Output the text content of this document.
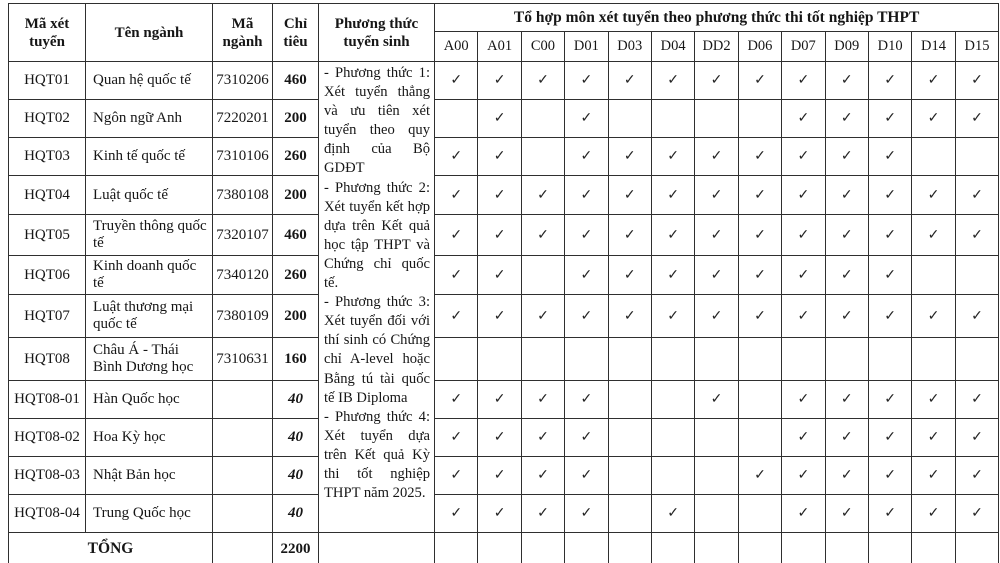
Mã xét tuyển	Tên ngành	Mã ngành	Chỉ tiêu	Phương thức tuyển sinh	Tổ hợp môn xét tuyển theo phương thức thi tốt nghiệp THPT												
					A00	A01	C00	D01	D03	D04	DD2	D06	D07	D09	D10	D14	D15
HQT01	Quan hệ quốc tế	7310206	460	- Phương thức 1: Xét tuyển thẳng và ưu tiên xét tuyển theo quy định của Bộ GDĐT
- Phương thức 2: Xét tuyển kết hợp dựa trên Kết quả học tập THPT và Chứng chỉ quốc tế.
- Phương thức 3: Xét tuyển đối với thí sinh có Chứng chỉ A-level hoặc Bằng tú tài quốc tế IB Diploma
- Phương thức 4: Xét tuyển dựa trên Kết quả Kỳ thi tốt nghiệp THPT năm 2025.	✓	✓	✓	✓	✓	✓	✓	✓	✓	✓	✓	✓	✓
HQT02	Ngôn ngữ Anh	7220201	200			✓		✓					✓	✓	✓	✓	✓
HQT03	Kinh tế quốc tế	7310106	260		✓	✓		✓	✓	✓	✓	✓	✓	✓	✓		
HQT04	Luật quốc tế	7380108	200		✓	✓	✓	✓	✓	✓	✓	✓	✓	✓	✓	✓	✓
HQT05	Truyền thông quốc tế	7320107	460		✓	✓	✓	✓	✓	✓	✓	✓	✓	✓	✓	✓	✓
HQT06	Kinh doanh quốc tế	7340120	260		✓	✓		✓	✓	✓	✓	✓	✓	✓	✓		
HQT07	Luật thương mại quốc tế	7380109	200		✓	✓	✓	✓	✓	✓	✓	✓	✓	✓	✓	✓	✓
HQT08	Châu Á - Thái Bình Dương học	7310631	160														
HQT08-01	Hàn Quốc học		40		✓	✓	✓	✓			✓		✓	✓	✓	✓	✓
HQT08-02	Hoa Kỳ học		40		✓	✓	✓	✓					✓	✓	✓	✓	✓
HQT08-03	Nhật Bản học		40		✓	✓	✓	✓				✓	✓	✓	✓	✓	✓
HQT08-04	Trung Quốc học		40		✓	✓	✓	✓		✓			✓	✓	✓	✓	✓
TỔNG			2200														
